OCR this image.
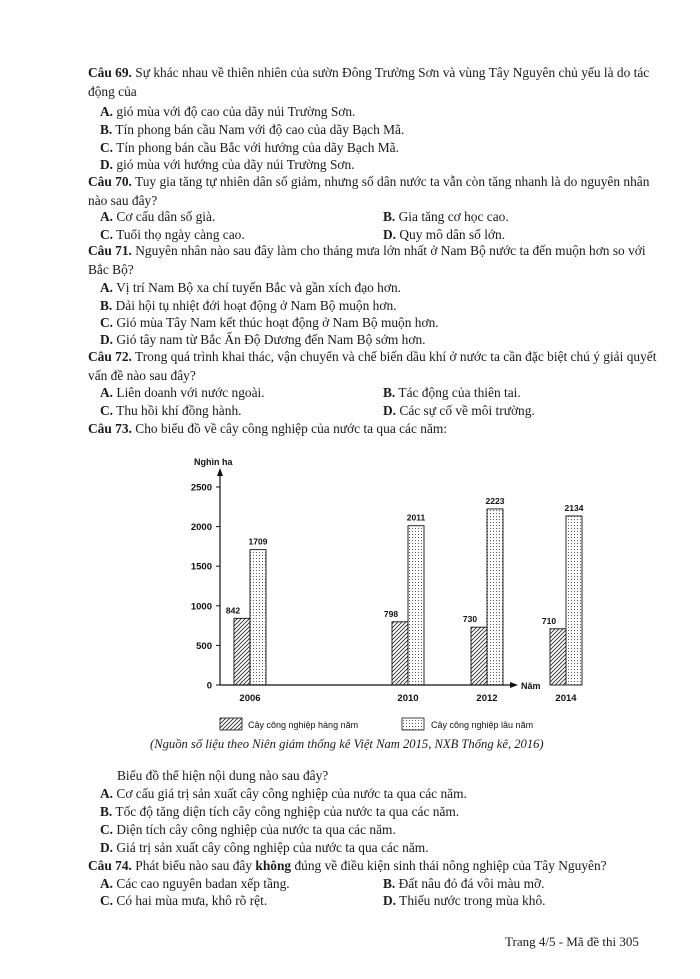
Câu 69. Sự khác nhau về thiên nhiên của sườn Đông Trường Sơn và vùng Tây Nguyên chủ yếu là do tác động của
A. gió mùa với độ cao của dãy núi Trường Sơn.
B. Tín phong bán cầu Nam với độ cao của dãy Bạch Mã.
C. Tín phong bán cầu Bắc với hướng của dãy Bạch Mã.
D. gió mùa với hướng của dãy núi Trường Sơn.
Câu 70. Tuy gia tăng tự nhiên dân số giảm, nhưng số dân nước ta vẫn còn tăng nhanh là do nguyên nhân nào sau đây?
A. Cơ cấu dân số già.	B. Gia tăng cơ học cao.
C. Tuổi thọ ngày càng cao.	D. Quy mô dân số lớn.
Câu 71. Nguyên nhân nào sau đây làm cho tháng mưa lớn nhất ở Nam Bộ nước ta đến muộn hơn so với Bắc Bộ?
A. Vị trí Nam Bộ xa chí tuyến Bắc và gần xích đạo hơn.
B. Dải hội tụ nhiệt đới hoạt động ở Nam Bộ muộn hơn.
C. Gió mùa Tây Nam kết thúc hoạt động ở Nam Bộ muộn hơn.
D. Gió tây nam từ Bắc Ấn Độ Dương đến Nam Bộ sớm hơn.
Câu 72. Trong quá trình khai thác, vận chuyển và chế biến dầu khí ở nước ta cần đặc biệt chú ý giải quyết vấn đề nào sau đây?
A. Liên doanh với nước ngoài.	B. Tác động của thiên tai.
C. Thu hồi khí đồng hành.	D. Các sự cố về môi trường.
Câu 73. Cho biểu đồ về cây công nghiệp của nước ta qua các năm:
Nghìn ha
0
500
1000
1500
2000
2500
842
1709
798
2011
730
2223
710
2134
2006	2010	2012	2014
Năm
Cây công nghiệp hàng năm	Cây công nghiệp lâu năm
(Nguồn số liệu theo Niên giám thống kê Việt Nam 2015, NXB Thống kê, 2016)
Biểu đồ thể hiện nội dung nào sau đây?
A. Cơ cấu giá trị sản xuất cây công nghiệp của nước ta qua các năm.
B. Tốc độ tăng diện tích cây công nghiệp của nước ta qua các năm.
C. Diện tích cây công nghiệp của nước ta qua các năm.
D. Giá trị sản xuất cây công nghiệp của nước ta qua các năm.
Câu 74. Phát biểu nào sau đây không đúng về điều kiện sinh thái nông nghiệp của Tây Nguyên?
A. Các cao nguyên badan xếp tầng.	B. Đất nâu đỏ đá vôi màu mỡ.
C. Có hai mùa mưa, khô rõ rệt.	D. Thiếu nước trong mùa khô.
Trang 4/5 - Mã đề thi 305
